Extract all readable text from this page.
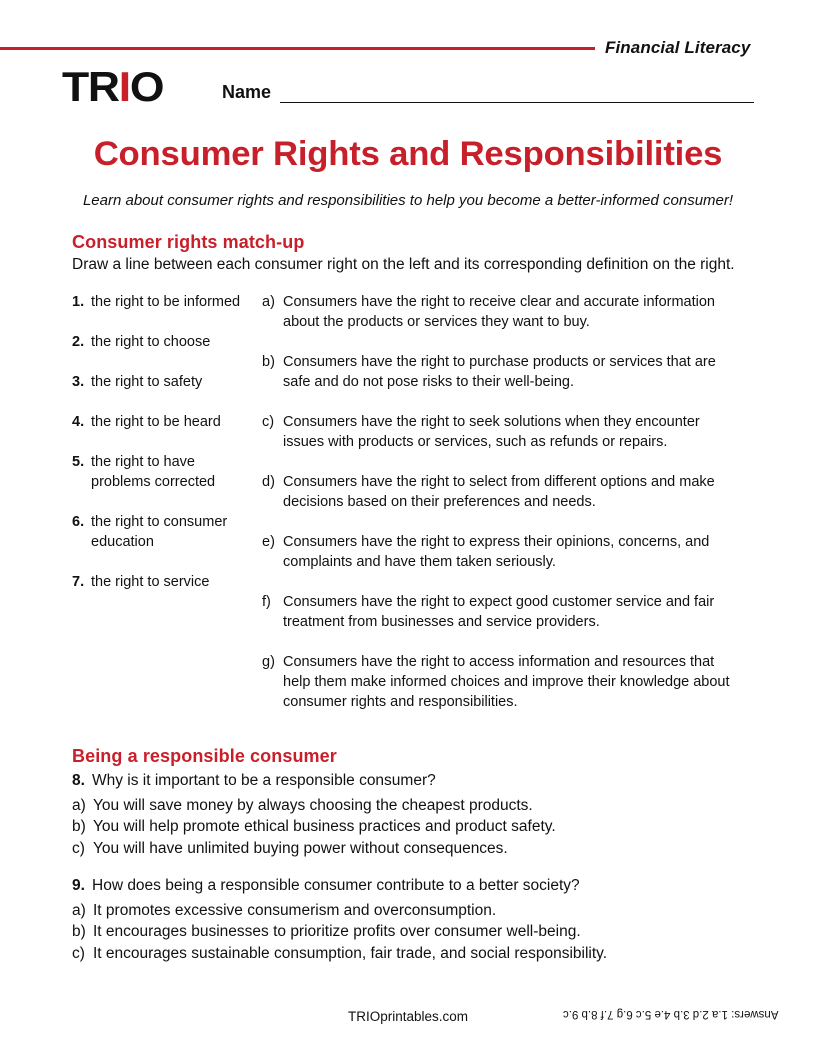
Financial Literacy
TRIO	Name
Consumer Rights and Responsibilities
Learn about consumer rights and responsibilities to help you become a better-informed consumer!
Consumer rights match-up
Draw a line between each consumer right on the left and its corresponding definition on the right.
1. the right to be informed
2. the right to choose
3. the right to safety
4. the right to be heard
5. the right to have problems corrected
6. the right to consumer education
7. the right to service
a) Consumers have the right to receive clear and accurate information about the products or services they want to buy.
b) Consumers have the right to purchase products or services that are safe and do not pose risks to their well-being.
c) Consumers have the right to seek solutions when they encounter issues with products or services, such as refunds or repairs.
d) Consumers have the right to select from different options and make decisions based on their preferences and needs.
e) Consumers have the right to express their opinions, concerns, and complaints and have them taken seriously.
f) Consumers have the right to expect good customer service and fair treatment from businesses and service providers.
g) Consumers have the right to access information and resources that help them make informed choices and improve their knowledge about consumer rights and responsibilities.
Being a responsible consumer
8. Why is it important to be a responsible consumer?
a) You will save money by always choosing the cheapest products.
b) You will help promote ethical business practices and product safety.
c) You will have unlimited buying power without consequences.
9. How does being a responsible consumer contribute to a better society?
a) It promotes excessive consumerism and overconsumption.
b) It encourages businesses to prioritize profits over consumer well-being.
c) It encourages sustainable consumption, fair trade, and social responsibility.
TRIOprintables.com	Answers: 1.a 2.d 3.b 4.e 5.c 6.g 7.f 8.b 9.c
